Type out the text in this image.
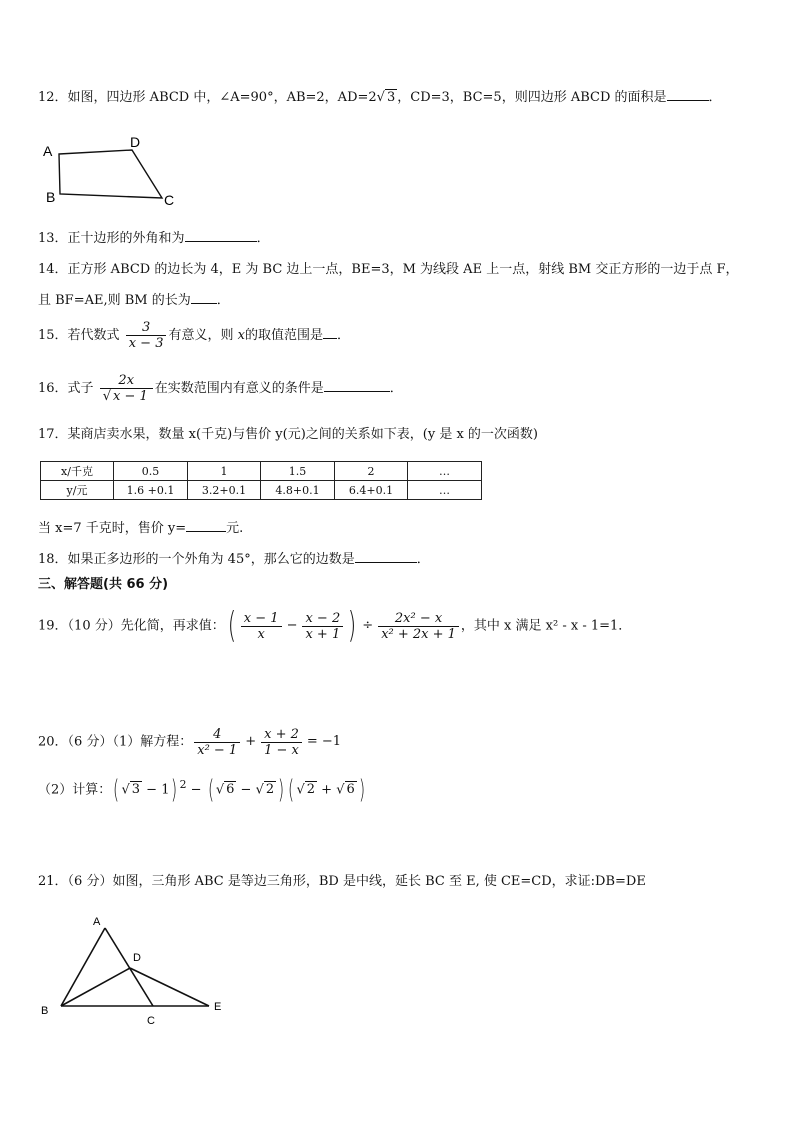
12．如图，四边形 ABCD 中，∠A=90°，AB=2，AD=2√ 3 ，CD=3，BC=5，则四边形 ABCD 的面积是	．
A
D
B	C
13．正十边形的外角和为	．
14．正方形 ABCD 的边长为 4，E 为 BC 边上一点，BE=3，M 为线段 AE 上一点，射线 BM 交正方形的一边于点 F，
且 BF=AE,则 BM 的长为 ．
15．若代数式 $\frac{3}{x - 3}$ 有意义，则 x的取值范围是 ．
16．式子 $\frac{2x}{√ x - 1}$ 在实数范围内有意义的条件是	．
17．某商店卖水果，数量 x(千克)与售价 y(元)之间的关系如下表，(y 是 x 的一次函数)
x/千克	0.5	1	1.5	2	…
y/元	1.6 +0.1	3.2+0.1	4.8+0.1	6.4+0.1	…
当 x=7 千克时，售价 y=	元.
18．如果正多边形的一个外角为 45°，那么它的边数是	．
三、解答题(共 66 分)
19．（10 分）先化简，再求值：( $\frac{x - 1}{x} - \frac{x - 2}{x + 1}$ ) ÷ $\frac{\text{2x² − x}}{\text{x² + 2x + 1}}$ ，其中 x 满足 x² - x - 1=1．
20．（6 分）（1）解方程： $\frac{4}{\text{x² − 1}} + \frac{x + 2}{1 - x} = -1$
（2）计算：( √ 3 − 1) $^2$ − ( √ 6 − √ 2 ) ( √ 2 + √ 6 )
21．（6 分）如图，三角形 ABC 是等边三角形，BD 是中线，延长 BC 至 E, 使 CE=CD，求证:DB=DE
A
D
B
C
E
